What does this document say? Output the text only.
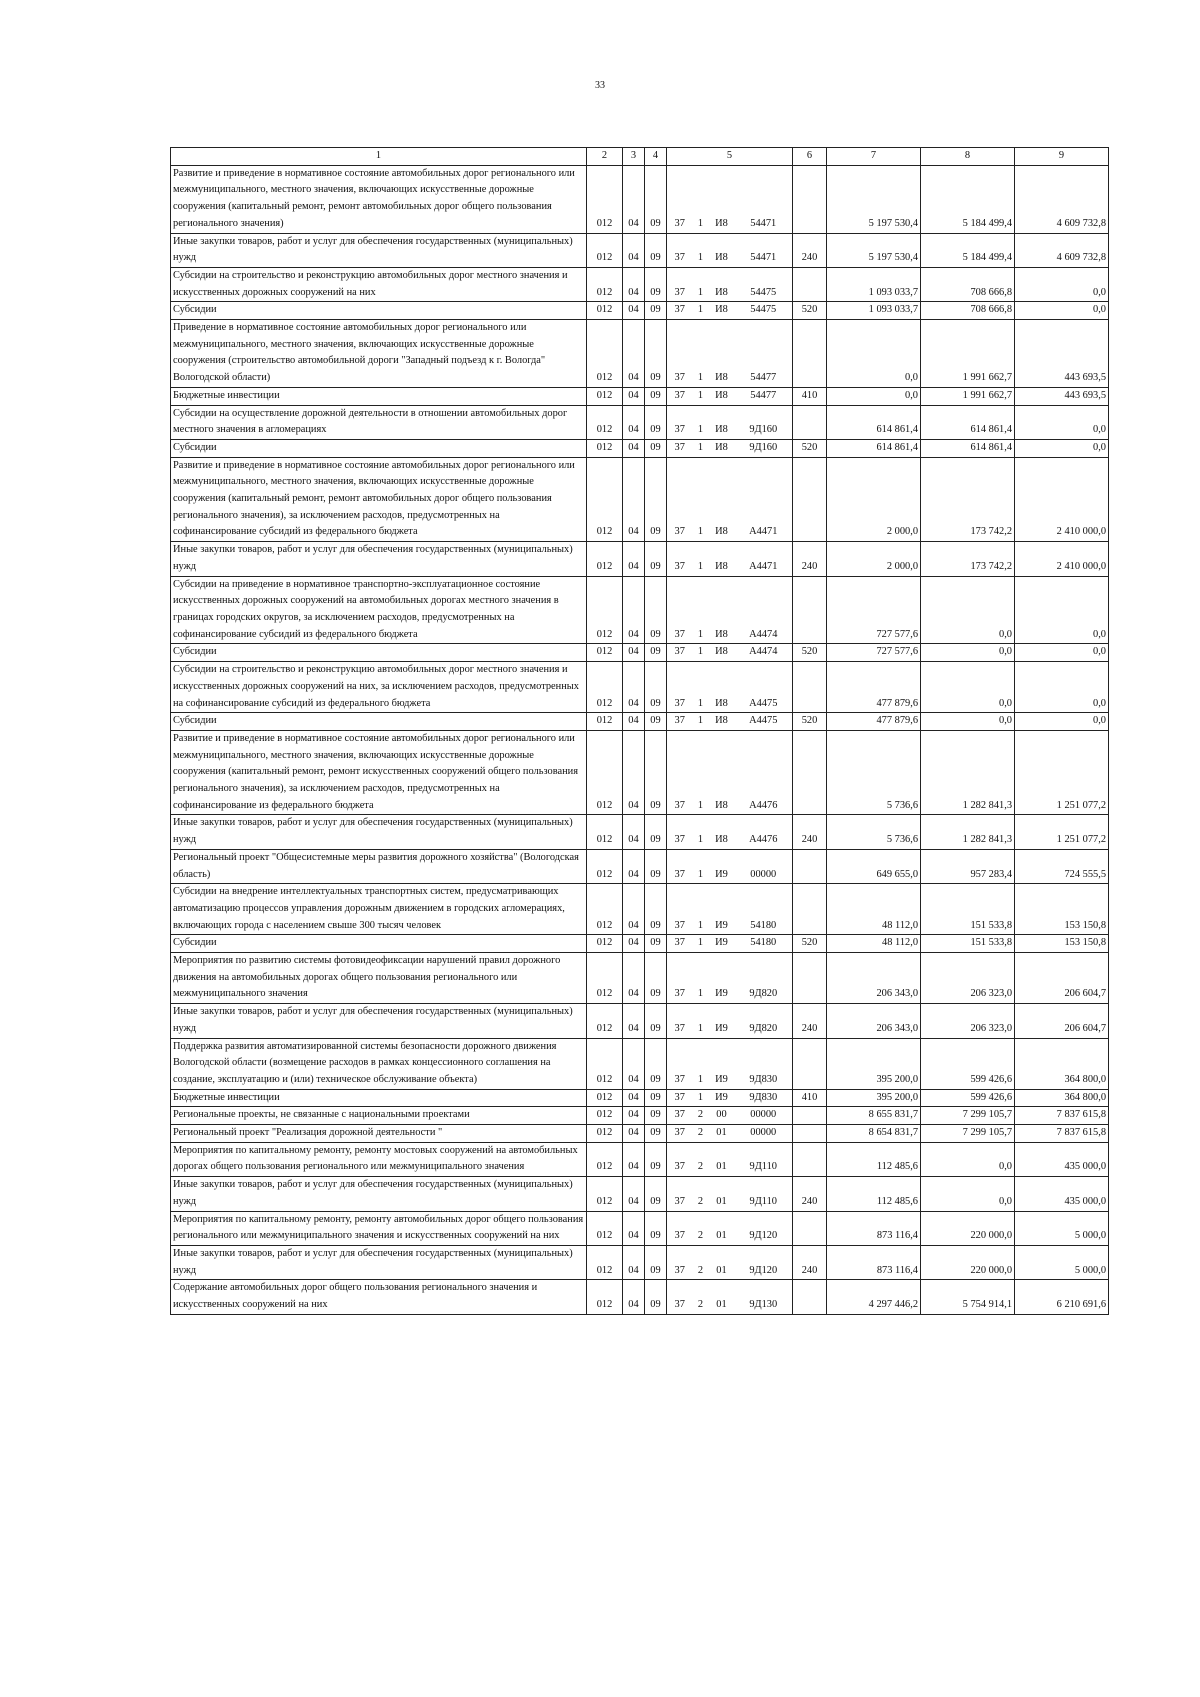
33
1	2	3	4	5				6	7	8	9
Развитие и приведение в нормативное состояние автомобильных дорог регионального или межмуниципального, местного значения, включающих искусственные дорожные сооружения (капитальный ремонт, ремонт автомобильных дорог общего пользования регионального значения)	012	04	09	37	1	И8	54471		5 197 530,4	5 184 499,4	4 609 732,8
Иные закупки товаров, работ и услуг для обеспечения государственных (муниципальных) нужд	012	04	09	37	1	И8	54471	240	5 197 530,4	5 184 499,4	4 609 732,8
Субсидии на строительство и реконструкцию автомобильных дорог местного значения и искусственных дорожных сооружений на них	012	04	09	37	1	И8	54475		1 093 033,7	708 666,8	0,0
Субсидии	012	04	09	37	1	И8	54475	520	1 093 033,7	708 666,8	0,0
Приведение в нормативное состояние автомобильных дорог регионального или межмуниципального, местного значения, включающих искусственные дорожные сооружения (строительство автомобильной дороги "Западный подъезд к г. Вологда" Вологодской области)	012	04	09	37	1	И8	54477		0,0	1 991 662,7	443 693,5
Бюджетные инвестиции	012	04	09	37	1	И8	54477	410	0,0	1 991 662,7	443 693,5
Субсидии на осуществление дорожной деятельности в отношении автомобильных дорог местного значения в агломерациях	012	04	09	37	1	И8	9Д160		614 861,4	614 861,4	0,0
Субсидии	012	04	09	37	1	И8	9Д160	520	614 861,4	614 861,4	0,0
Развитие и приведение в нормативное состояние автомобильных дорог регионального или межмуниципального, местного значения, включающих искусственные дорожные сооружения (капитальный ремонт, ремонт автомобильных дорог общего пользования регионального значения), за исключением расходов, предусмотренных на софинансирование субсидий из федерального бюджета	012	04	09	37	1	И8	А4471		2 000,0	173 742,2	2 410 000,0
Иные закупки товаров, работ и услуг для обеспечения государственных (муниципальных) нужд	012	04	09	37	1	И8	А4471	240	2 000,0	173 742,2	2 410 000,0
Субсидии на приведение в нормативное транспортно-эксплуатационное состояние искусственных дорожных сооружений на автомобильных дорогах местного значения в границах городских округов, за исключением расходов, предусмотренных на софинансирование субсидий из федерального бюджета	012	04	09	37	1	И8	А4474		727 577,6	0,0	0,0
Субсидии	012	04	09	37	1	И8	А4474	520	727 577,6	0,0	0,0
Субсидии на строительство и реконструкцию автомобильных дорог местного значения и искусственных дорожных сооружений на них, за исключением расходов, предусмотренных на софинансирование субсидий из федерального бюджета	012	04	09	37	1	И8	А4475		477 879,6	0,0	0,0
Субсидии	012	04	09	37	1	И8	А4475	520	477 879,6	0,0	0,0
Развитие и приведение в нормативное состояние автомобильных дорог регионального или межмуниципального, местного значения, включающих искусственные дорожные сооружения (капитальный ремонт, ремонт искусственных сооружений общего пользования регионального значения), за исключением расходов, предусмотренных на софинансирование из федерального бюджета	012	04	09	37	1	И8	А4476		5 736,6	1 282 841,3	1 251 077,2
Иные закупки товаров, работ и услуг для обеспечения государственных (муниципальных) нужд	012	04	09	37	1	И8	А4476	240	5 736,6	1 282 841,3	1 251 077,2
Региональный проект "Общесистемные меры развития дорожного хозяйства" (Вологодская область)	012	04	09	37	1	И9	00000		649 655,0	957 283,4	724 555,5
Субсидии на внедрение интеллектуальных транспортных систем, предусматривающих автоматизацию процессов управления дорожным движением в городских агломерациях, включающих города с населением свыше 300 тысяч человек	012	04	09	37	1	И9	54180		48 112,0	151 533,8	153 150,8
Субсидии	012	04	09	37	1	И9	54180	520	48 112,0	151 533,8	153 150,8
Мероприятия по развитию системы фотовидеофиксации нарушений правил дорожного движения на автомобильных дорогах общего пользования регионального или межмуниципального значения	012	04	09	37	1	И9	9Д820		206 343,0	206 323,0	206 604,7
Иные закупки товаров, работ и услуг для обеспечения государственных (муниципальных) нужд	012	04	09	37	1	И9	9Д820	240	206 343,0	206 323,0	206 604,7
Поддержка развития автоматизированной системы безопасности дорожного движения Вологодской области (возмещение расходов в рамках концессионного соглашения на создание, эксплуатацию и (или) техническое обслуживание объекта)	012	04	09	37	1	И9	9Д830		395 200,0	599 426,6	364 800,0
Бюджетные инвестиции	012	04	09	37	1	И9	9Д830	410	395 200,0	599 426,6	364 800,0
Региональные проекты, не связанные с национальными проектами	012	04	09	37	2	00	00000		8 655 831,7	7 299 105,7	7 837 615,8
Региональный проект "Реализация дорожной деятельности "	012	04	09	37	2	01	00000		8 654 831,7	7 299 105,7	7 837 615,8
Мероприятия по капитальному ремонту, ремонту мостовых сооружений на автомобильных дорогах общего пользования регионального или межмуниципального значения	012	04	09	37	2	01	9Д110		112 485,6	0,0	435 000,0
Иные закупки товаров, работ и услуг для обеспечения государственных (муниципальных) нужд	012	04	09	37	2	01	9Д110	240	112 485,6	0,0	435 000,0
Мероприятия по капитальному ремонту, ремонту автомобильных дорог общего пользования регионального или межмуниципального значения и искусственных сооружений на них	012	04	09	37	2	01	9Д120		873 116,4	220 000,0	5 000,0
Иные закупки товаров, работ и услуг для обеспечения государственных (муниципальных) нужд	012	04	09	37	2	01	9Д120	240	873 116,4	220 000,0	5 000,0
Содержание автомобильных дорог общего пользования регионального значения и искусственных сооружений на них	012	04	09	37	2	01	9Д130		4 297 446,2	5 754 914,1	6 210 691,6
